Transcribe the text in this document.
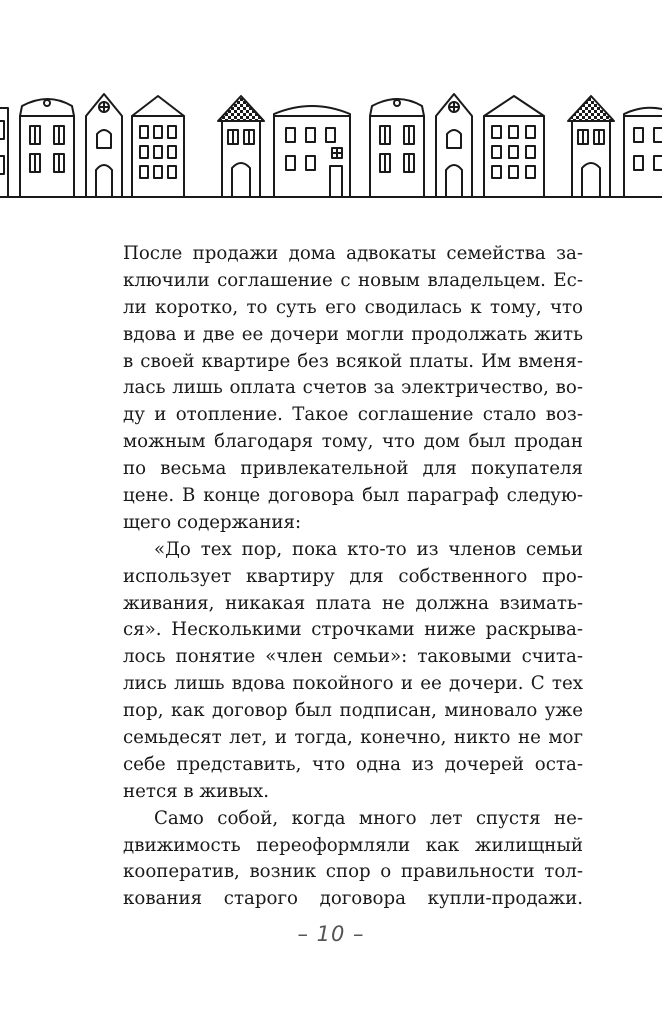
После продажи дома адвокаты семейства за-
ключили соглашение с новым владельцем. Ес-
ли коротко, то суть его сводилась к тому, что
вдова и две ее дочери могли продолжать жить
в своей квартире без всякой платы. Им вменя-
лась лишь оплата счетов за электричество, во-
ду и отопление. Такое соглашение стало воз-
можным благодаря тому, что дом был продан
по весьма привлекательной для покупателя
цене. В конце договора был параграф следую-
щего содержания:
«До тех пор, пока кто-то из членов семьи
использует квартиру для собственного про-
живания, никакая плата не должна взимать-
ся». Несколькими строчками ниже раскрыва-
лось понятие «член семьи»: таковыми счита-
лись лишь вдова покойного и ее дочери. С тех
пор, как договор был подписан, миновало уже
семьдесят лет, и тогда, конечно, никто не мог
себе представить, что одна из дочерей оста-
нется в живых.
Само собой, когда много лет спустя не-
движимость переоформляли как жилищный
кооператив, возник спор о правильности тол-
кования старого договора купли-продажи.
– 10 –
